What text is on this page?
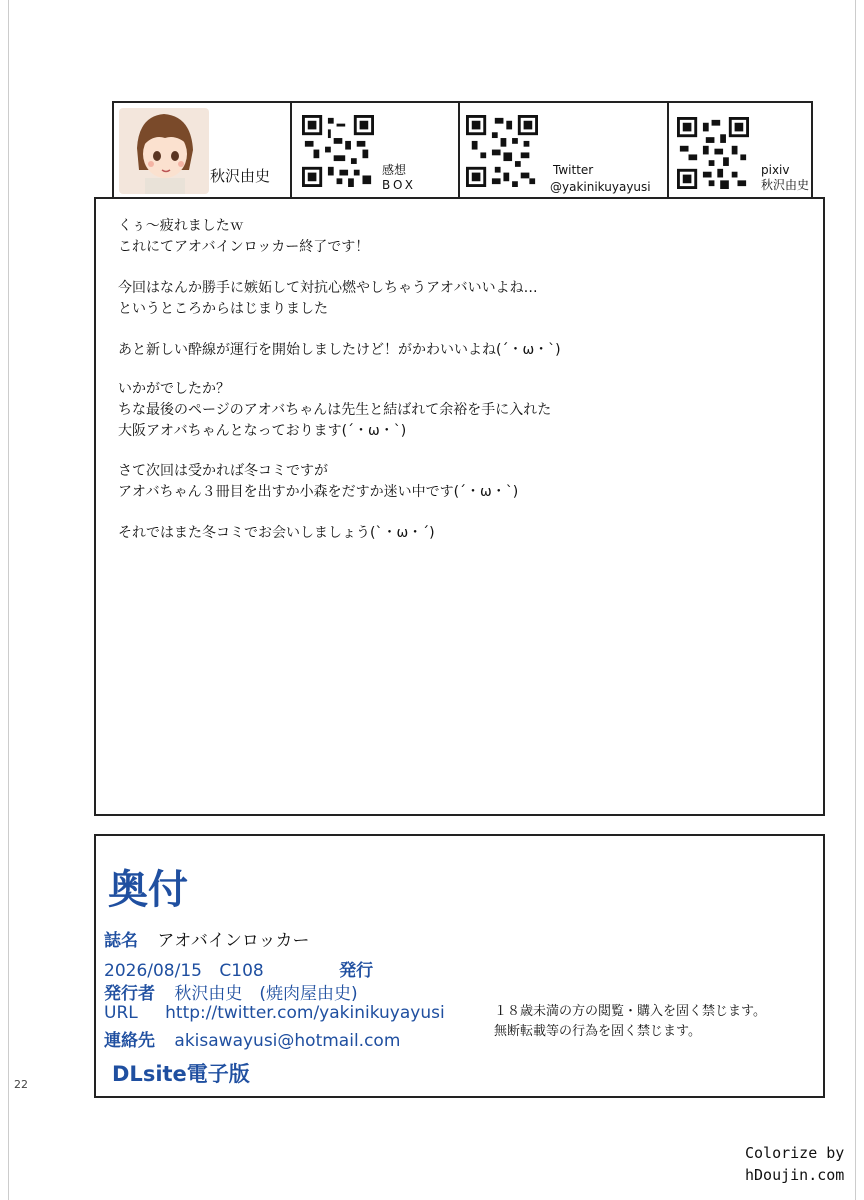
秋沢由史	感想
BOX
Twitter
@yakinikuyayusi
pixiv
秋沢由史
くぅ〜疲れましたｗ
これにてアオバインロッカー終了です！
今回はなんか勝手に嫉妬して対抗心燃やしちゃうアオバいいよね…
というところからはじまりました
あと新しい酔線が運行を開始しましたけど！がかわいいよね(´・ω・`)
いかがでしたか？
ちな最後のページのアオバちゃんは先生と結ばれて余裕を手に入れた
大阪アオバちゃんとなっております(´・ω・`)
さて次回は受かれば冬コミですが
アオバちゃん３冊目を出すか小森をだすか迷い中です(´・ω・`)
それではまた冬コミでお会いしましょう(`・ω・´)
奥付
誌名 アオバインロッカー
2026/08/15 C108	発行
発行者 秋沢由史　(焼肉屋由史)
URL http://twitter.com/yakinikuyayusi
連絡先 akisawayusi@hotmail.com
１８歳未満の方の閲覧・購入を固く禁じます。
無断転載等の行為を固く禁じます。
DLsite電子版
22
Colorize by
hDoujin.com
